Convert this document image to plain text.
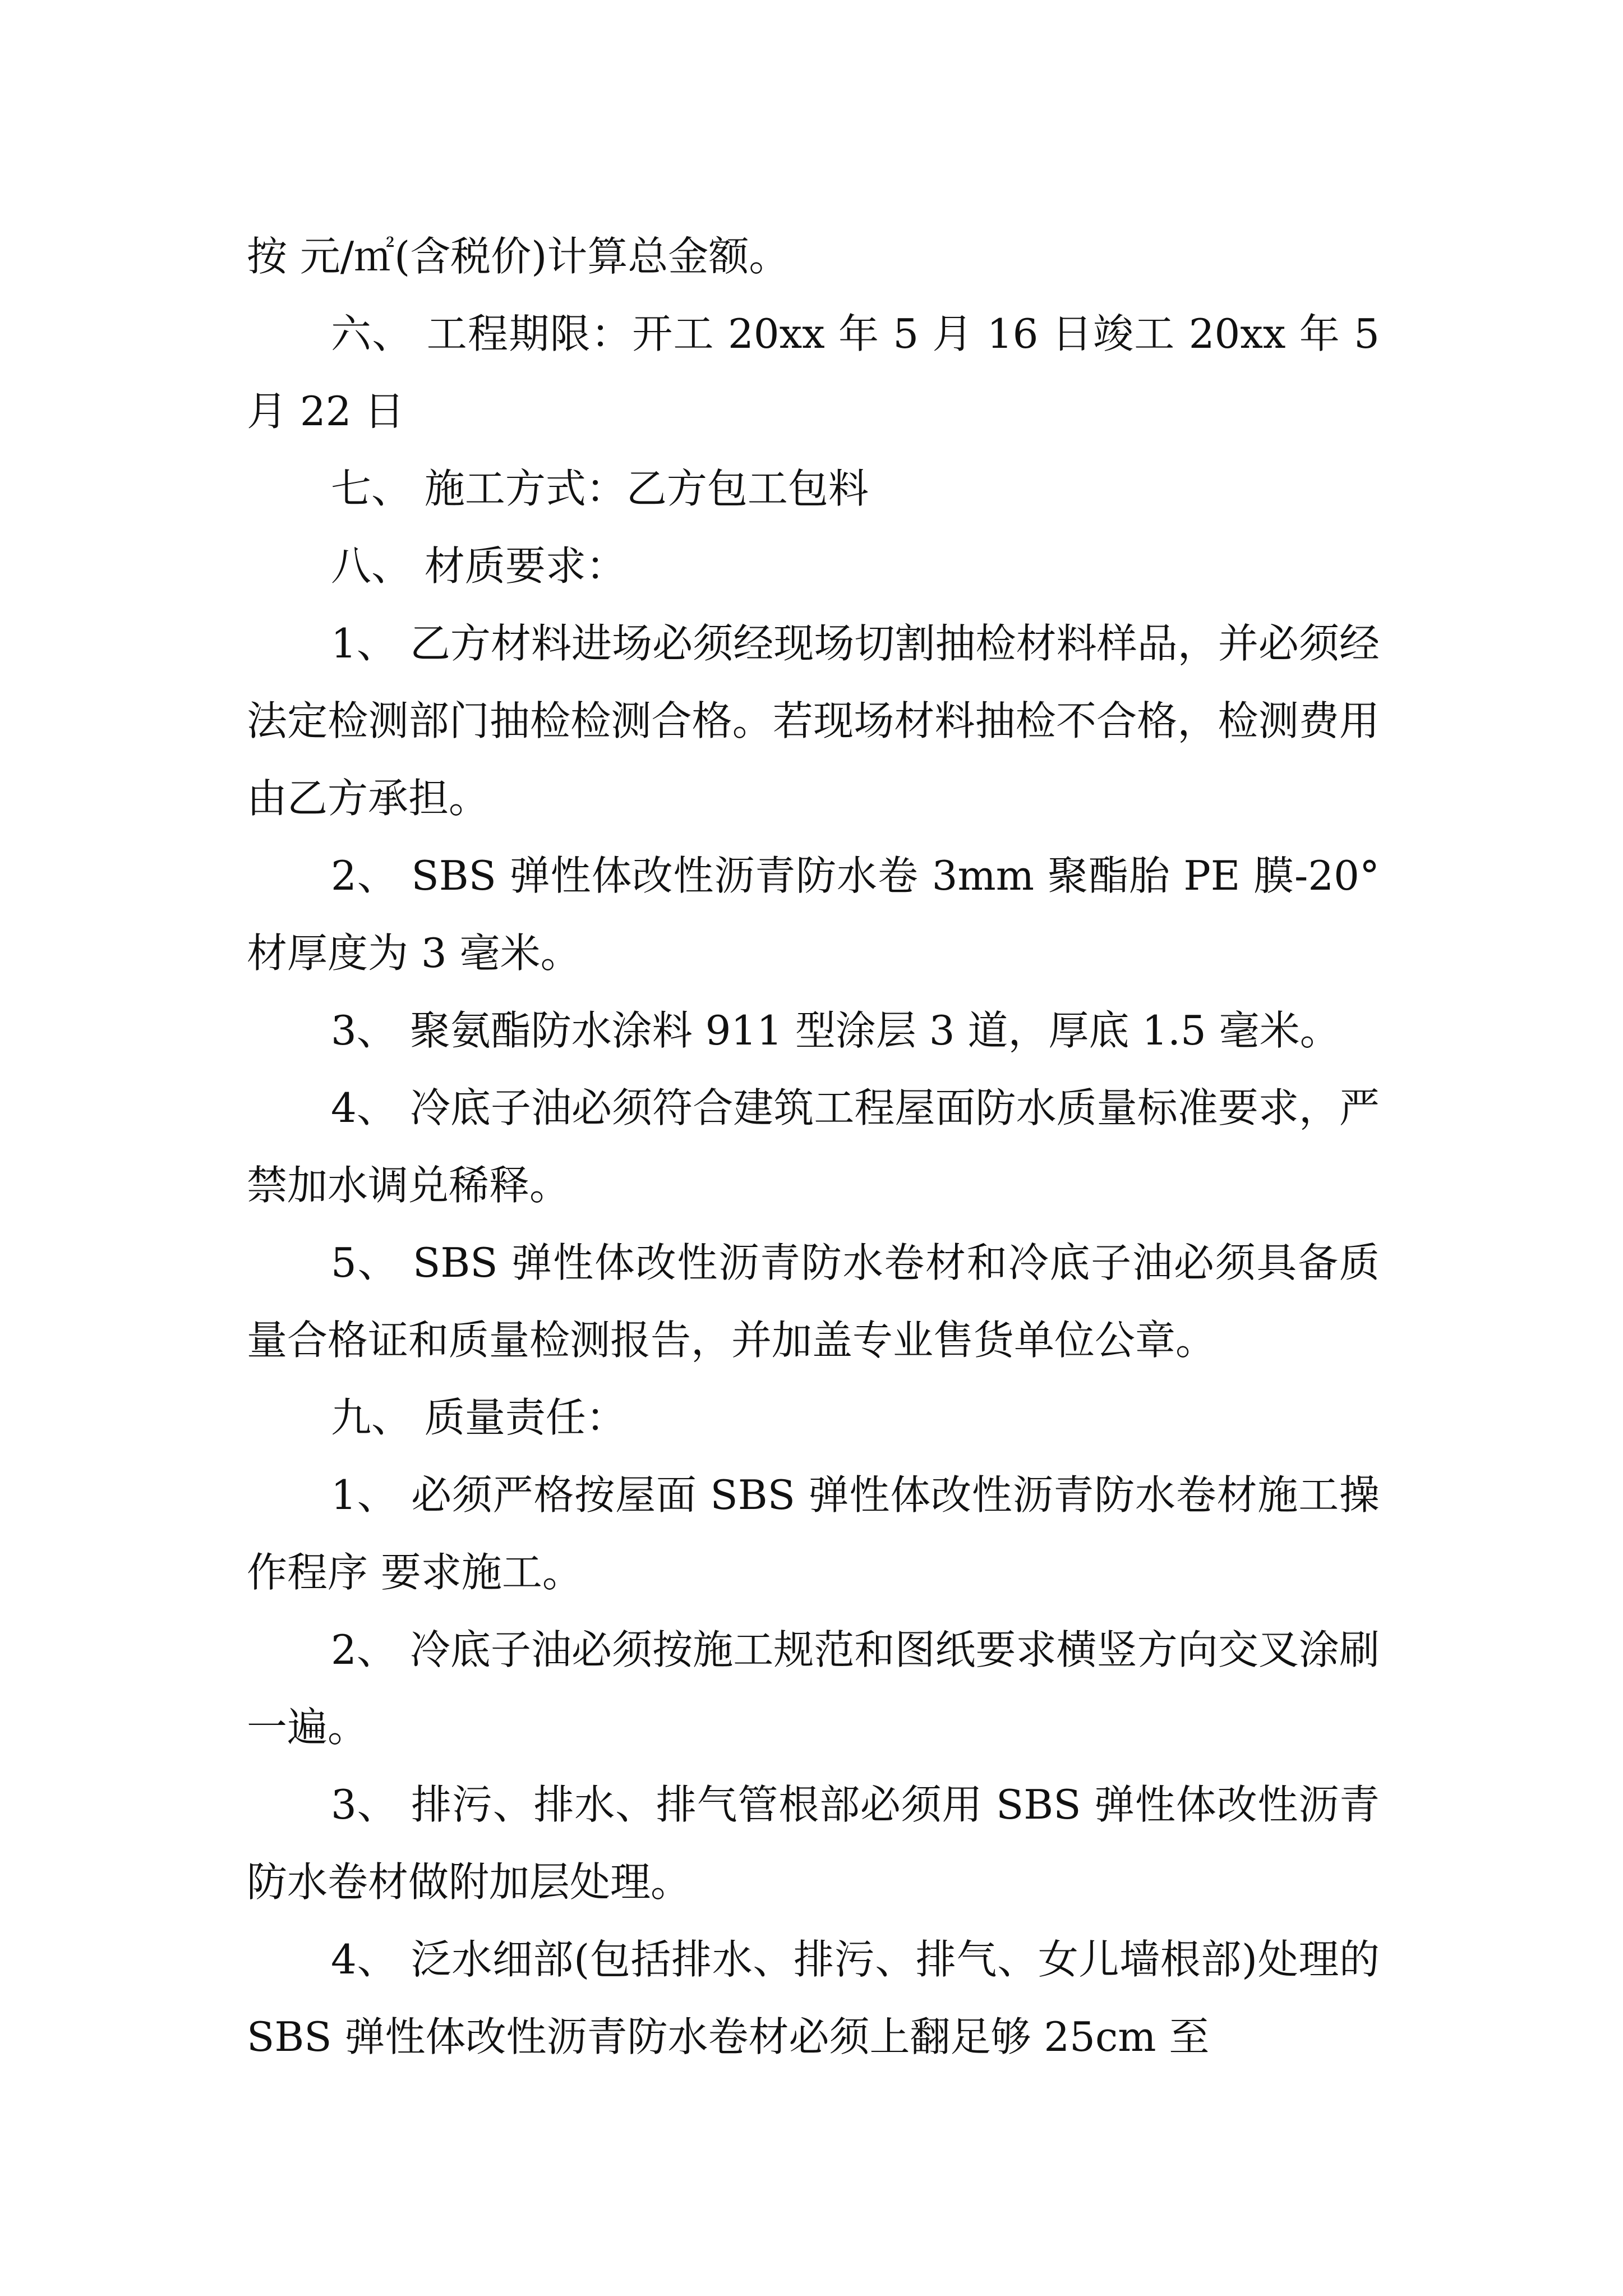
按 元/㎡(含税价)计算总金额。

六、 工程期限：开工 20xx 年 5 月 16 日竣工 20xx 年 5 月 22 日

七、 施工方式：乙方包工包料

八、 材质要求：

1、 乙方材料进场必须经现场切割抽检材料样品，并必须经法定检测部门抽检检测合格。若现场材料抽检不合格，检测费用由乙方承担。

2、 SBS 弹性体改性沥青防水卷 3mm 聚酯胎 PE 膜-20° 材厚度为 3 毫米。

3、 聚氨酯防水涂料 911 型涂层 3 道，厚底 1.5 毫米。

4、 冷底子油必须符合建筑工程屋面防水质量标准要求，严禁加水调兑稀释。

5、 SBS 弹性体改性沥青防水卷材和冷底子油必须具备质量合格证和质量检测报告，并加盖专业售货单位公章。

九、 质量责任：

1、 必须严格按屋面 SBS 弹性体改性沥青防水卷材施工操作程序 要求施工。

2、 冷底子油必须按施工规范和图纸要求横竖方向交叉涂刷一遍。

3、 排污、排水、排气管根部必须用 SBS 弹性体改性沥青防水卷材做附加层处理。

4、 泛水细部(包括排水、排污、排气、女儿墙根部)处理的 SBS 弹性体改性沥青防水卷材必须上翻足够 25cm 至
